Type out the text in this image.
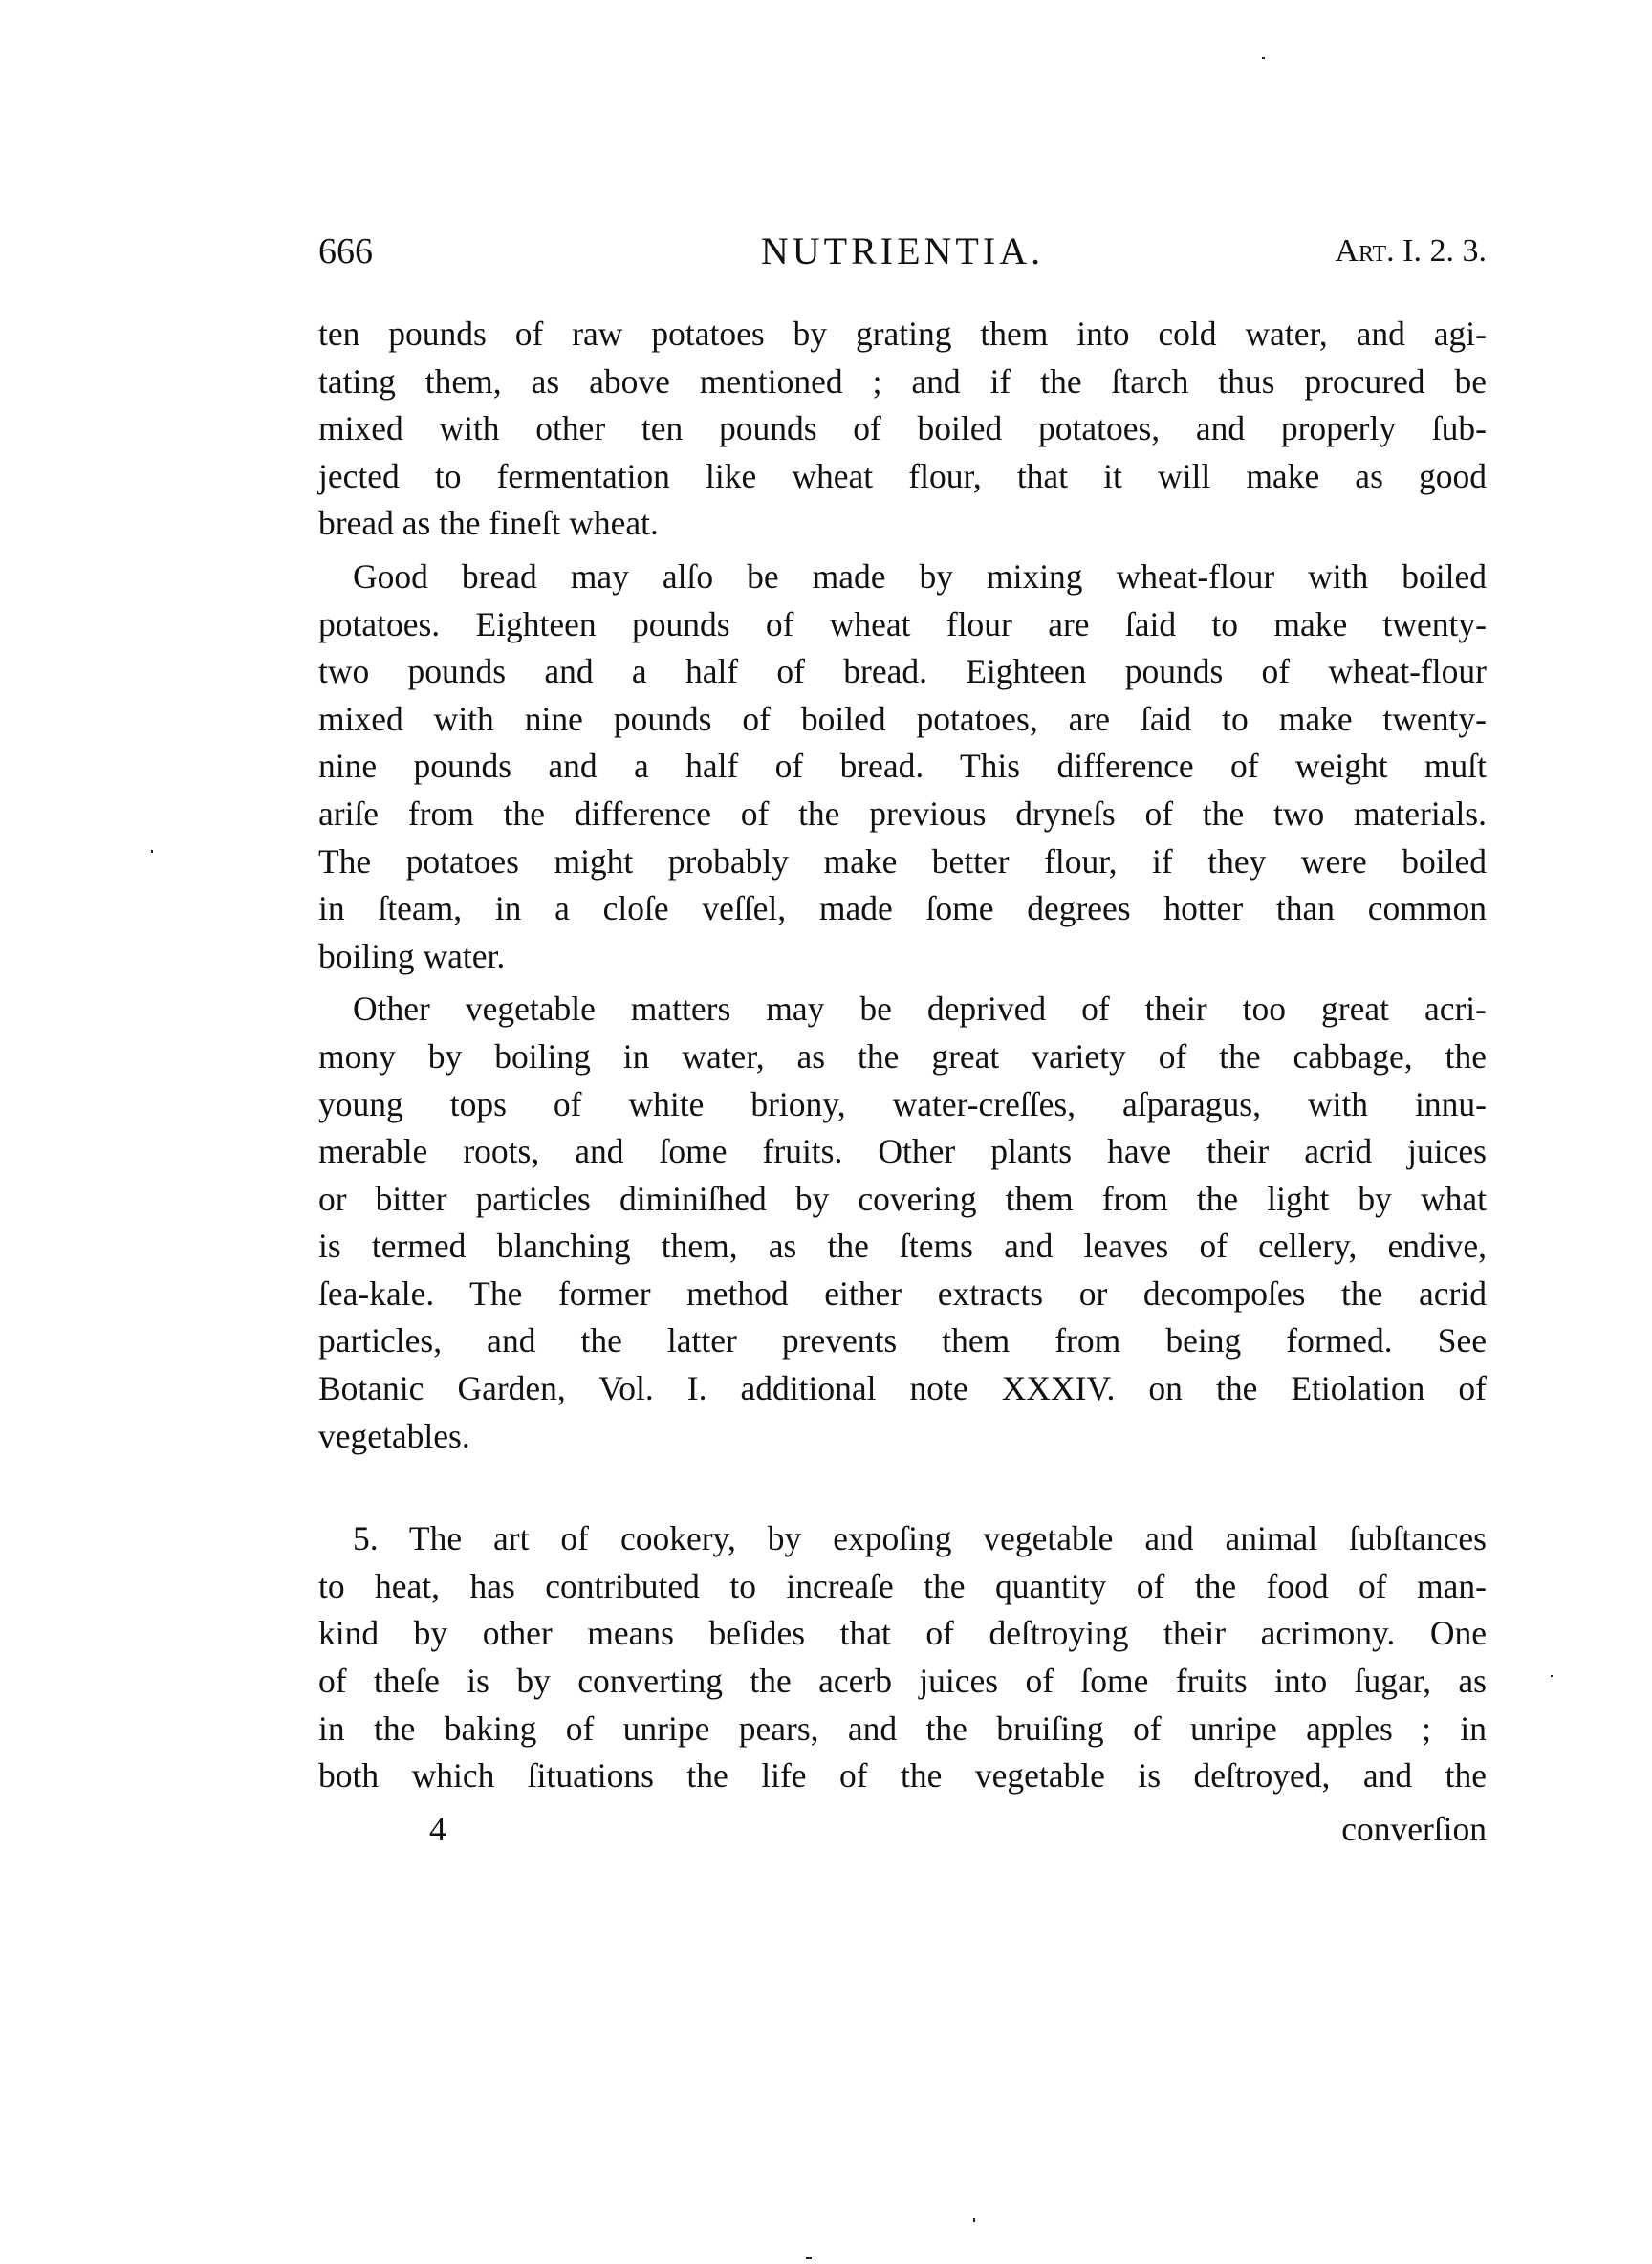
666	NUTRIENTIA.	Art. I. 2. 3.
ten pounds of raw potatoes by grating them into cold water, and agi-
tating them, as above mentioned ; and if the ſtarch thus procured be
mixed with other ten pounds of boiled potatoes, and properly ſub-
jected to fermentation like wheat flour, that it will make as good
bread as the fineſt wheat.
Good bread may alſo be made by mixing wheat-flour with boiled
potatoes. Eighteen pounds of wheat flour are ſaid to make twenty-
two pounds and a half of bread. Eighteen pounds of wheat-flour
mixed with nine pounds of boiled potatoes, are ſaid to make twenty-
nine pounds and a half of bread. This difference of weight muſt
ariſe from the difference of the previous dryneſs of the two materials.
The potatoes might probably make better flour, if they were boiled
in ſteam, in a cloſe veſſel, made ſome degrees hotter than common
boiling water.
Other vegetable matters may be deprived of their too great acri-
mony by boiling in water, as the great variety of the cabbage, the
young tops of white briony, water-creſſes, aſparagus, with innu-
merable roots, and ſome fruits. Other plants have their acrid juices
or bitter particles diminiſhed by covering them from the light by what
is termed blanching them, as the ſtems and leaves of cellery, endive,
ſea-kale. The former method either extracts or decompoſes the acrid
particles, and the latter prevents them from being formed. See
Botanic Garden, Vol. I. additional note XXXIV. on the Etiolation of
vegetables.
5. The art of cookery, by expoſing vegetable and animal ſubſtances
to heat, has contributed to increaſe the quantity of the food of man-
kind by other means beſides that of deſtroying their acrimony. One
of theſe is by converting the acerb juices of ſome fruits into ſugar, as
in the baking of unripe pears, and the bruiſing of unripe apples ; in
both which ſituations the life of the vegetable is deſtroyed, and the
4	converſion
